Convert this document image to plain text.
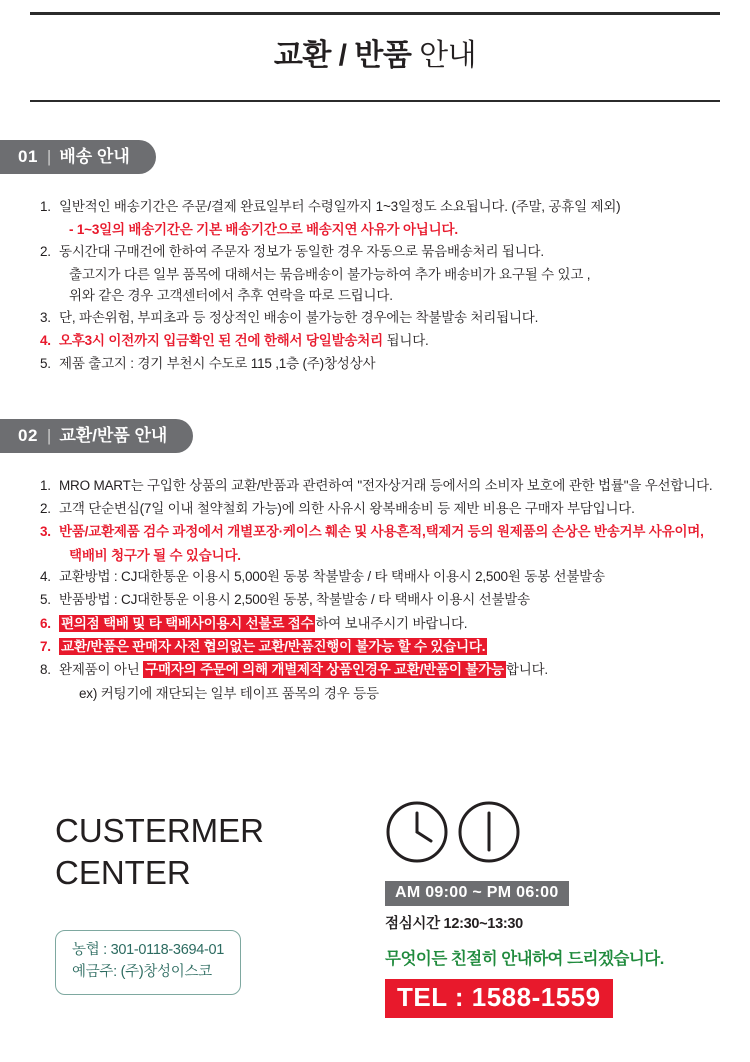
교환 / 반품 안내
01 | 배송 안내
1. 일반적인 배송기간은 주문/결제 완료일부터 수령일까지 1~3일정도 소요됩니다. (주말, 공휴일 제외)
- 1~3일의 배송기간은 기본 배송기간으로 배송지연 사유가 아닙니다.
2. 동시간대 구매건에 한하여 주문자 정보가 동일한 경우 자동으로 묶음배송처리 됩니다.
출고지가 다른 일부 품목에 대해서는 묶음배송이 불가능하여 추가 배송비가 요구될 수 있고 ,
위와 같은 경우 고객센터에서 추후 연락을 따로 드립니다.
3. 단, 파손위험, 부피초과 등 정상적인 배송이 불가능한 경우에는 착불발송 처리됩니다.
4. 오후3시 이전까지 입금확인 된 건에 한해서 당일발송처리 됩니다.
5. 제품 출고지 : 경기 부천시 수도로 115 ,1층 (주)창성상사
02 | 교환/반품 안내
1. MRO MART는 구입한 상품의 교환/반품과 관련하여 "전자상거래 등에서의 소비자 보호에 관한 법률"을 우선합니다.
2. 고객 단순변심(7일 이내 철약철회 가능)에 의한 사유시 왕복배송비 등 제반 비용은 구매자 부담입니다.
3. 반품/교환제품 검수 과정에서 개별포장·케이스 훼손 및 사용흔적,택제거 등의 원제품의 손상은 반송거부 사유이며,
택배비 청구가 될 수 있습니다.
4. 교환방법 : CJ대한통운 이용시 5,000원 동봉 착불발송 / 타 택배사 이용시 2,500원 동봉 선불발송
5. 반품방법 : CJ대한통운 이용시 2,500원 동봉, 착불발송 / 타 택배사 이용시 선불발송
6. 편의점 택배 및 타 택배사이용시 선불로 접수 하여 보내주시기 바랍니다.
7. 교환/반품은 판매자 사전 협의없는 교환/반품진행이 불가능 할 수 있습니다.
8. 완제품이 아닌 구매자의 주문에 의해 개별제작 상품인경우 교환/반품이 불가능 합니다.
ex) 커팅기에 재단되는 일부 테이프 품목의 경우 등등
CUSTERMER
CENTER
농협 : 301-0118-3694-01
예금주: (주)창성이스코
AM 09:00 ~ PM 06:00
점심시간 12:30~13:30
무엇이든 친절히 안내하여 드리겠습니다.
TEL : 1588-1559
